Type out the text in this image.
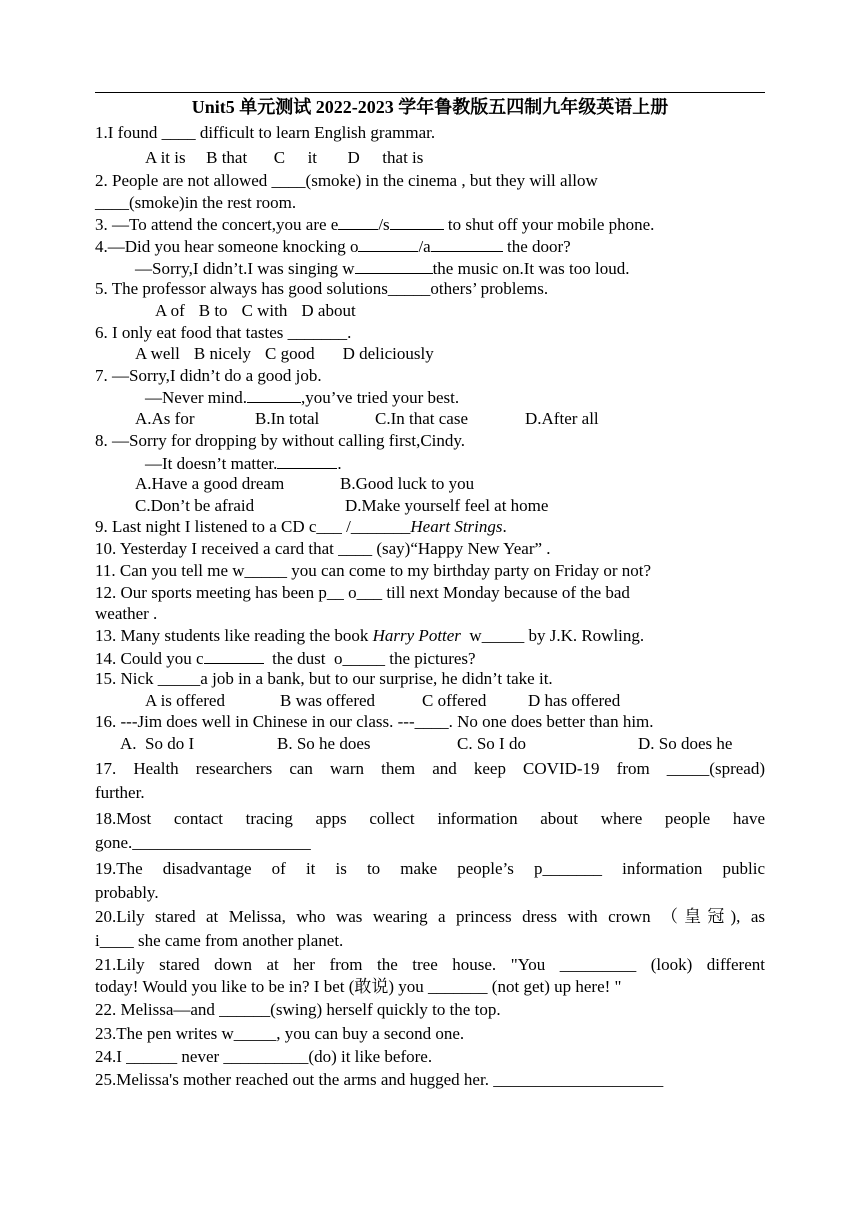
Unit5 单元测试 2022-2023 学年鲁教版五四制九年级英语上册
1.I found ____ difficult to learn English grammar.
A it is B that C it D that is
2. People are not allowed ____(smoke) in the cinema , but they will allow
____(smoke)in the rest room.
3. —To attend the concert,you are e /s	to shut off your mobile phone.
4.—Did you hear someone knocking o	/a	the door?
—Sorry,I didn’t.I was singing w	the music on.It was too loud.
5. The professor always has good solutions_____others’ problems.
A of B to C with D about
6. I only eat food that tastes _______.
A well B nicely C good D deliciously
7. —Sorry,I didn’t do a good job.
—Never mind.	,you’ve tried your best.
A.As for	B.In total	C.In that case	D.After all
8. —Sorry for dropping by without calling first,Cindy.
—It doesn’t matter.	.
A.Have a good dream	B.Good luck to you
C.Don’t be afraid	D.Make yourself feel at home
9. Last night I listened to a CD c___ /_______Heart Strings.
10. Yesterday I received a card that ____ (say)“Happy New Year” .
11. Can you tell me w_____ you can come to my birthday party on Friday or not?
12. Our sports meeting has been p__ o___ till next Monday because of the bad
weather .
13. Many students like reading the book Harry Potter  w_____ by J.K. Rowling.
14. Could you c	the dust  o_____ the pictures?
15. Nick _____a job in a bank, but to our surprise, he didn’t take it.
A is offered	B was offered	C offered D has offered
16. ---Jim does well in Chinese in our class. ---____. No one does better than him.
A.  So do I	B. So he does	C. So I do	D. So does he
17. Health researchers can warn them and keep COVID-19 from _____(spread)
further.
18.Most contact tracing apps collect information about where people have
gone._____________________
19.The disadvantage of it is to make people’s p_______ information public
probably.
20.Lily stared at Melissa, who was wearing a princess dress with crown （皇冠), as
i____ she came from another planet.
21.Lily stared down at her from the tree house. "You _________ (look) different
today! Would you like to be in? I bet (敢说) you _______ (not get) up here! "
22. Melissa—and ______(swing) herself quickly to the top.
23.The pen writes w_____, you can buy a second one.
24.I ______ never __________(do) it like before.
25.Melissa's mother reached out the arms and hugged her. ____________________
